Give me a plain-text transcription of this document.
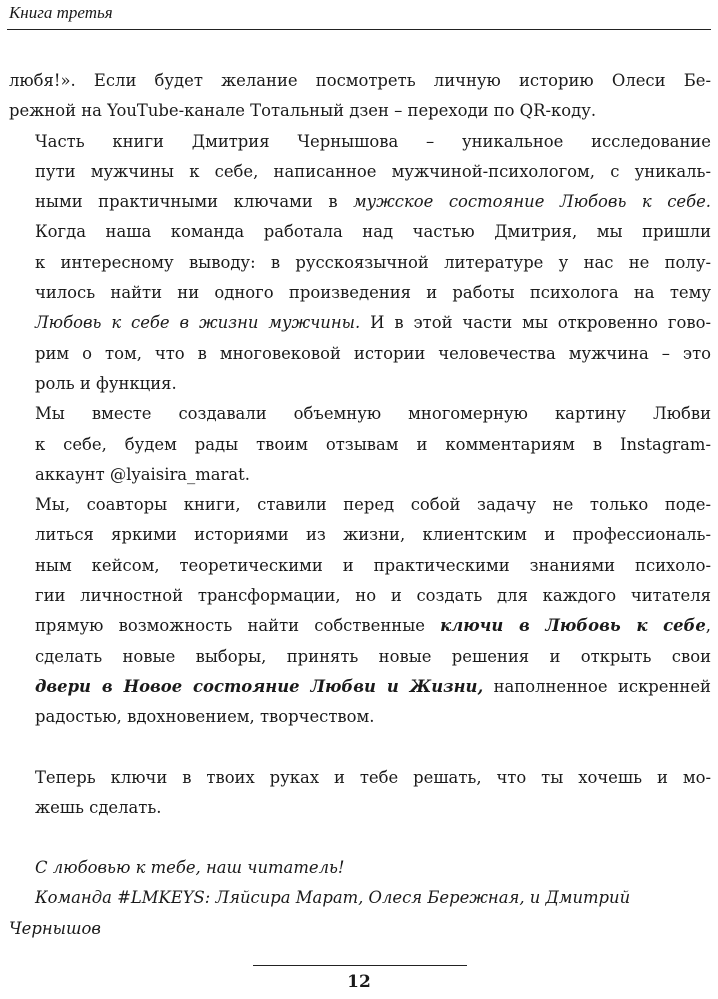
Книга третья

любя!». Если будет желание посмотреть личную историю Олеси Бе-
режной на YouTube-канале Тотальный дзен – переходи по QR-коду.

Часть книги Дмитрия Чернышова – уникальное исследование
пути мужчины к себе, написанное мужчиной-психологом, с уникаль-
ными практичными ключами в мужское состояние Любовь к себе.
Когда наша команда работала над частью Дмитрия, мы пришли
к интересному выводу: в русскоязычной литературе у нас не полу-
чилось найти ни одного произведения и работы психолога на тему
Любовь к себе в жизни мужчины. И в этой части мы откровенно гово-
рим о том, что в многовековой истории человечества мужчина – это
роль и функция.

Мы вместе создавали объемную многомерную картину Любви
к себе, будем рады твоим отзывам и комментариям в Instagram-
аккаунт @lyaisira_marat.

Мы, соавторы книги, ставили перед собой задачу не только поде-
литься яркими историями из жизни, клиентским и профессиональ-
ным кейсом, теоретическими и практическими знаниями психоло-
гии личностной трансформации, но и создать для каждого читателя
прямую возможность найти собственные ключи в Любовь к себе,
сделать новые выборы, принять новые решения и открыть свои
двери в Новое состояние Любви и Жизни, наполненное искренней
радостью, вдохновением, творчеством.

Теперь ключи в твоих руках и тебе решать, что ты хочешь и мо-
жешь сделать.

С любовью к тебе, наш читатель!

Команда #LMKEYS: Ляйсира Марат, Олеся Бережная, и Дмитрий

Чернышов

12
